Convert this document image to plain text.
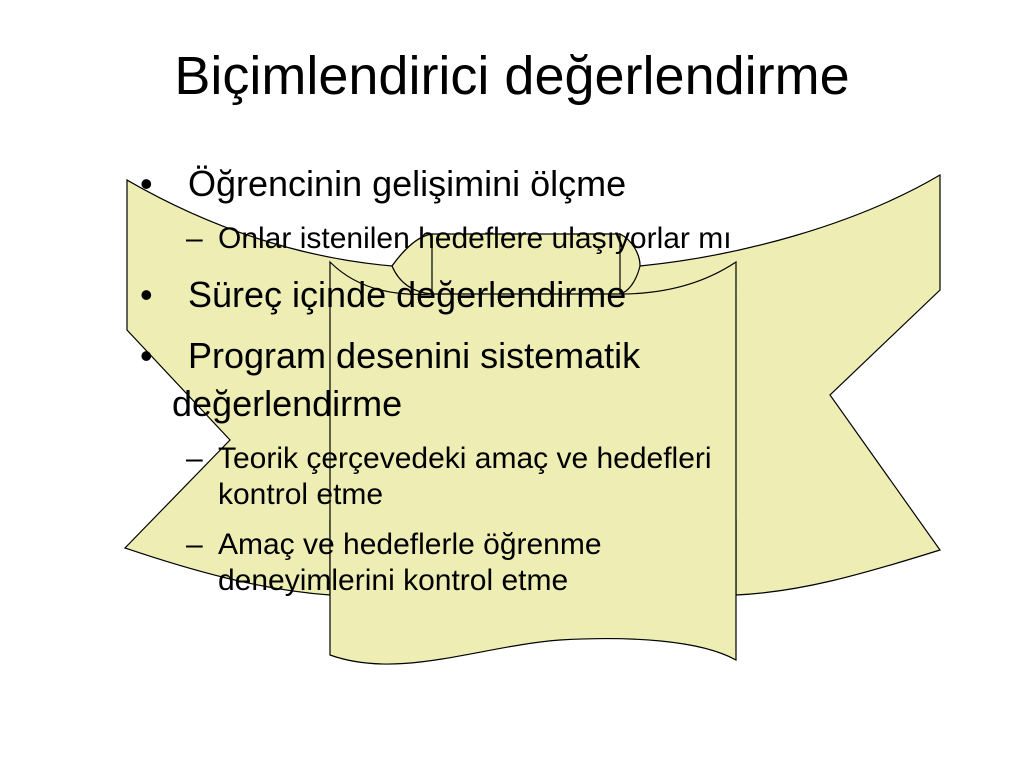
Biçimlendirici değerlendirme
• Öğrencinin gelişimini ölçme
– Onlar istenilen hedeflere ulaşıyorlar mı
• Süreç içinde değerlendirme
• Program desenini sistematik
değerlendirme
– Teorik çerçevedeki amaç ve hedefleri
kontrol etme
– Amaç ve hedeflerle öğrenme
deneyimlerini kontrol etme
